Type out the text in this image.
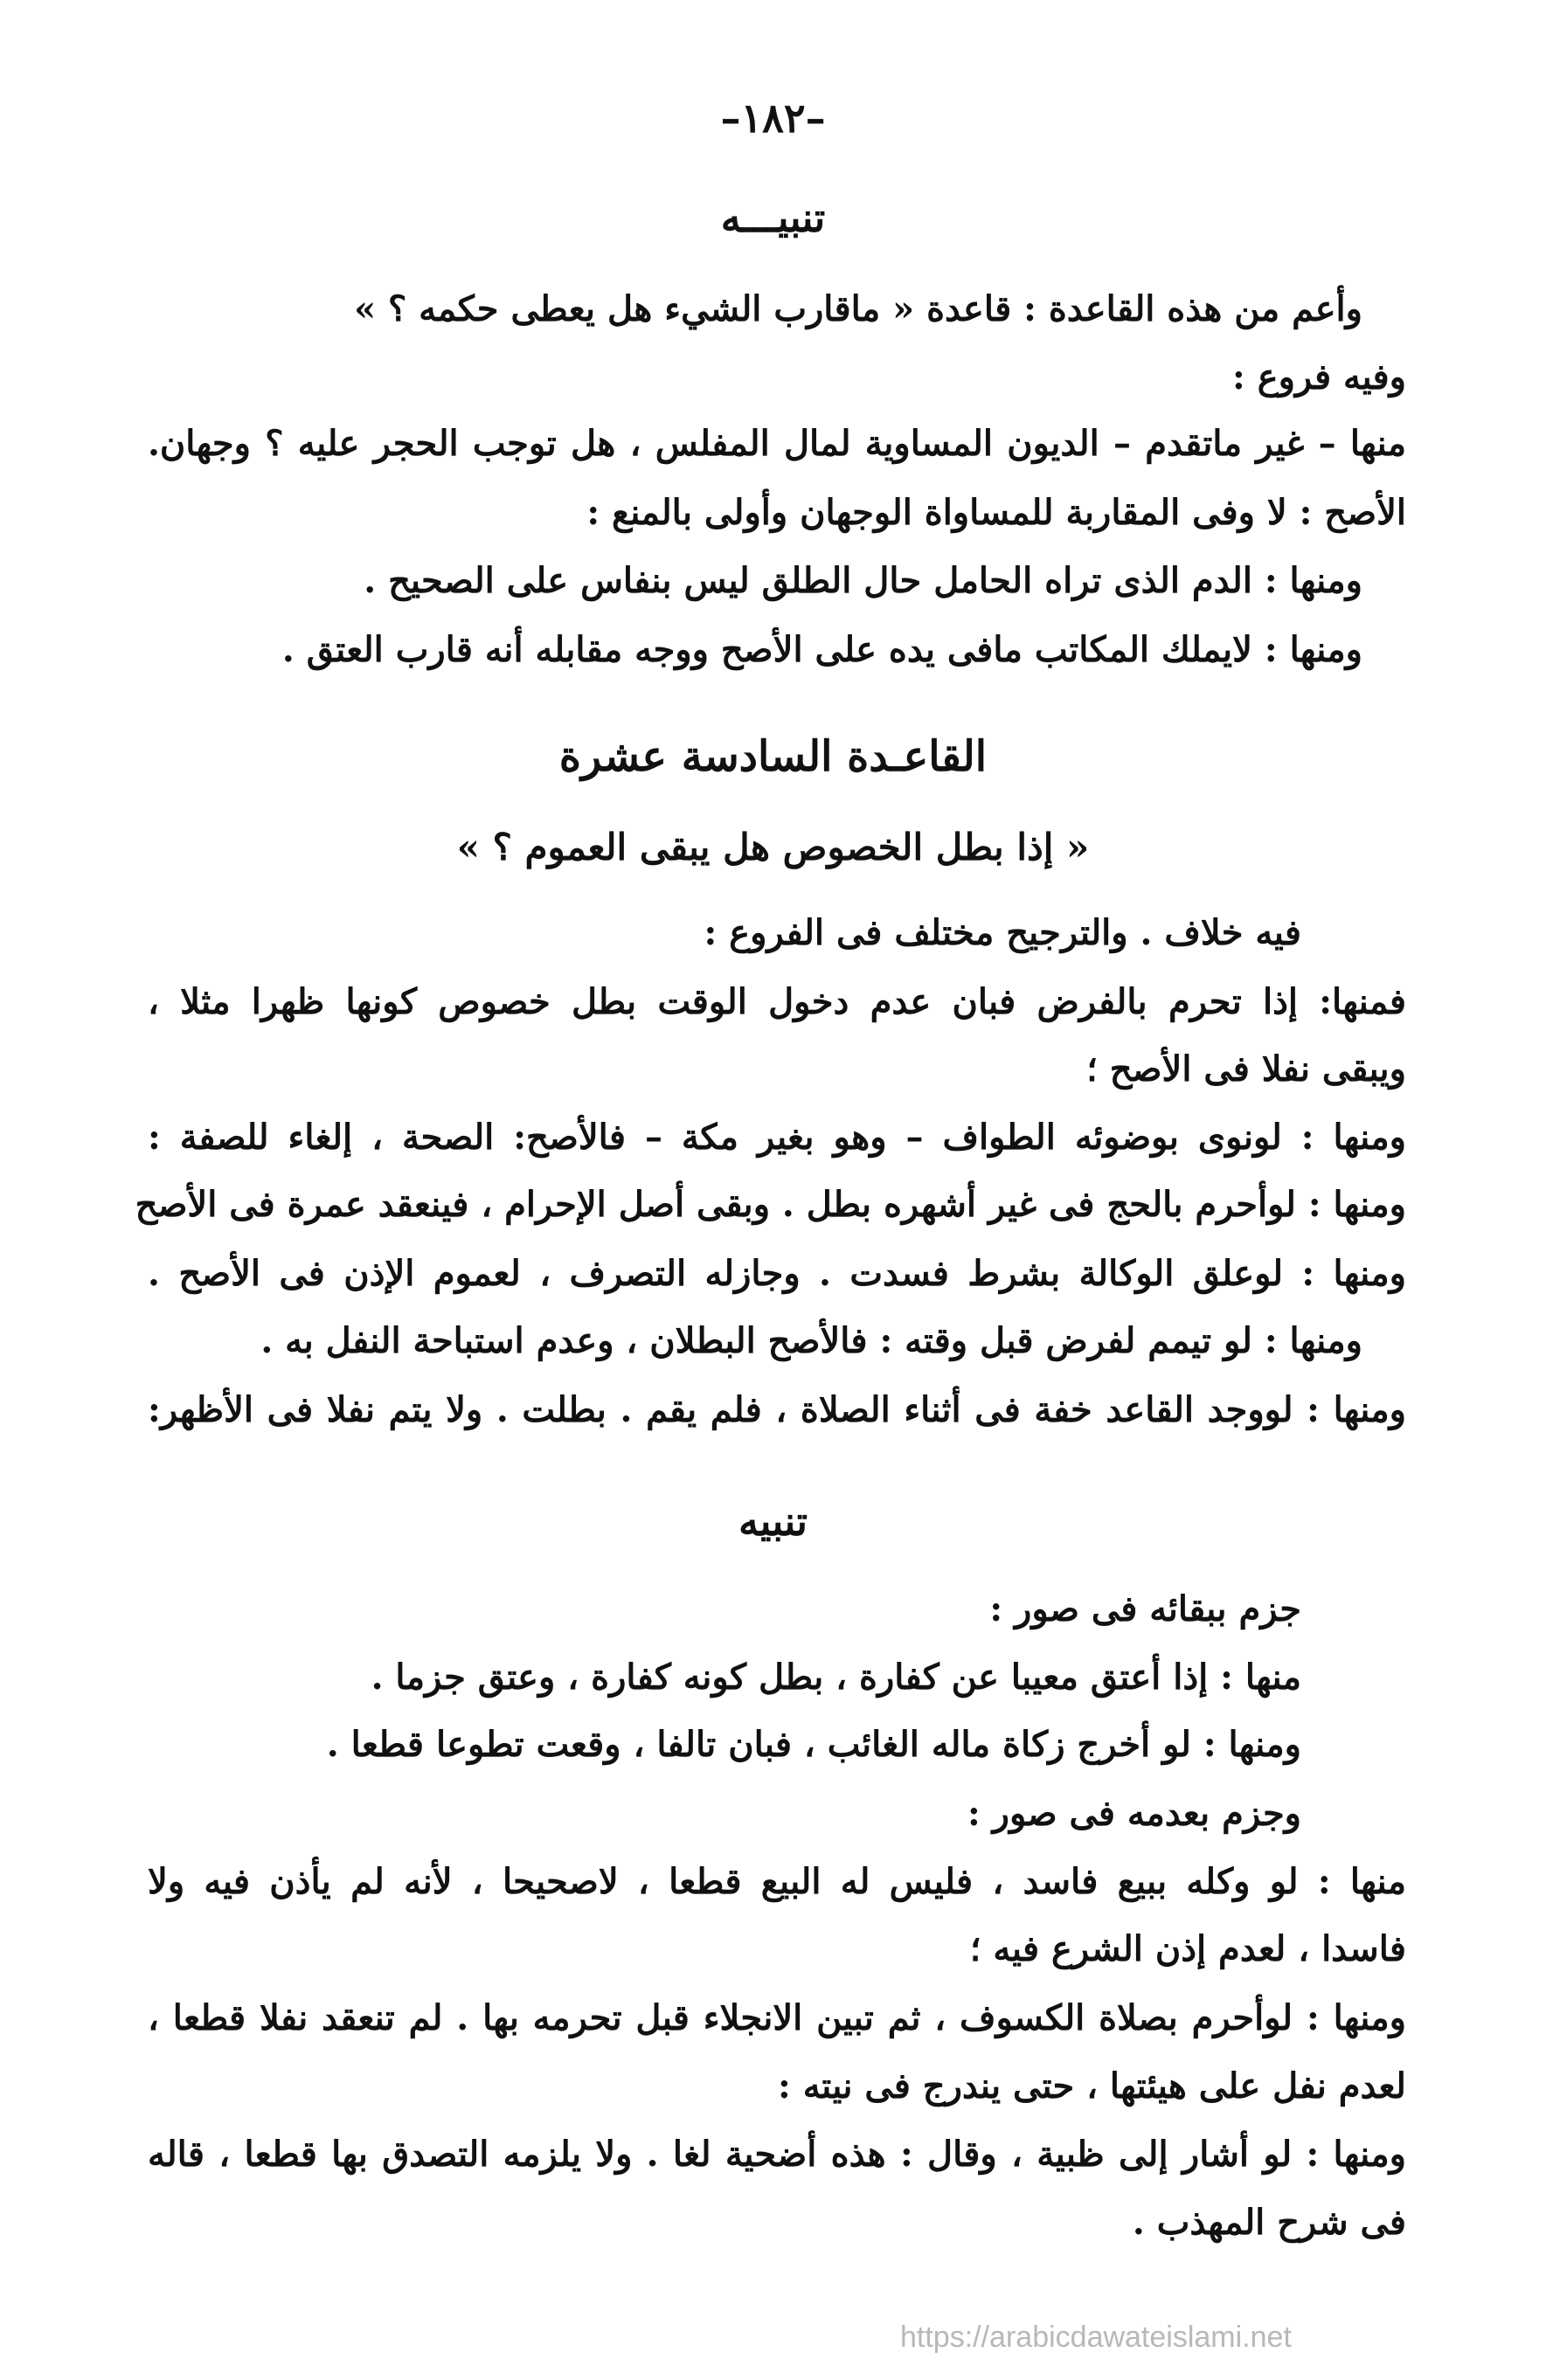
–۱۸۲–
تنبيـــه
وأعم من هذه القاعدة : قاعدة « ماقارب الشيء هل يعطى حكمه ؟ »
وفيه فروع :
منها – غير ماتقدم – الديون المساوية لمال المفلس ، هل توجب الحجر عليه ؟ وجهان.
الأصح : لا وفى المقاربة للمساواة الوجهان وأولى بالمنع :
ومنها : الدم الذى تراه الحامل حال الطلق ليس بنفاس على الصحيح .
ومنها : لايملك المكاتب مافى يده على الأصح ووجه مقابله أنه قارب العتق .
القاعـدة السادسة عشرة
« إذا بطل الخصوص هل يبقى العموم ؟ »
فيه خلاف . والترجيح مختلف فى الفروع :
فمنها: إذا تحرم بالفرض فبان عدم دخول الوقت بطل خصوص كونها ظهرا مثلا ،
ويبقى نفلا فى الأصح ؛
ومنها : لونوى بوضوئه الطواف – وهو بغير مكة – فالأصح: الصحة ، إلغاء للصفة :
ومنها : لوأحرم بالحج فى غير أشهره بطل . وبقى أصل الإحرام ، فينعقد عمرة فى الأصح
ومنها : لوعلق الوكالة بشرط فسدت . وجازله التصرف ، لعموم الإذن فى الأصح .
ومنها : لو تيمم لفرض قبل وقته : فالأصح البطلان ، وعدم استباحة النفل به .
ومنها : لووجد القاعد خفة فى أثناء الصلاة ، فلم يقم . بطلت . ولا يتم نفلا فى الأظهر:
تنبيه
جزم ببقائه فى صور :
منها : إذا أعتق معيبا عن كفارة ، بطل كونه كفارة ، وعتق جزما .
ومنها : لو أخرج زكاة ماله الغائب ، فبان تالفا ، وقعت تطوعا قطعا .
وجزم بعدمه فى صور :
منها : لو وكله ببيع فاسد ، فليس له البيع قطعا ، لاصحيحا ، لأنه لم يأذن فيه ولا
فاسدا ، لعدم إذن الشرع فيه ؛
ومنها : لوأحرم بصلاة الكسوف ، ثم تبين الانجلاء قبل تحرمه بها . لم تنعقد نفلا قطعا ،
لعدم نفل على هيئتها ، حتى يندرج فى نيته :
ومنها : لو أشار إلى ظبية ، وقال : هذه أضحية لغا . ولا يلزمه التصدق بها قطعا ، قاله
فى شرح المهذب .
https://arabicdawateislami.net
